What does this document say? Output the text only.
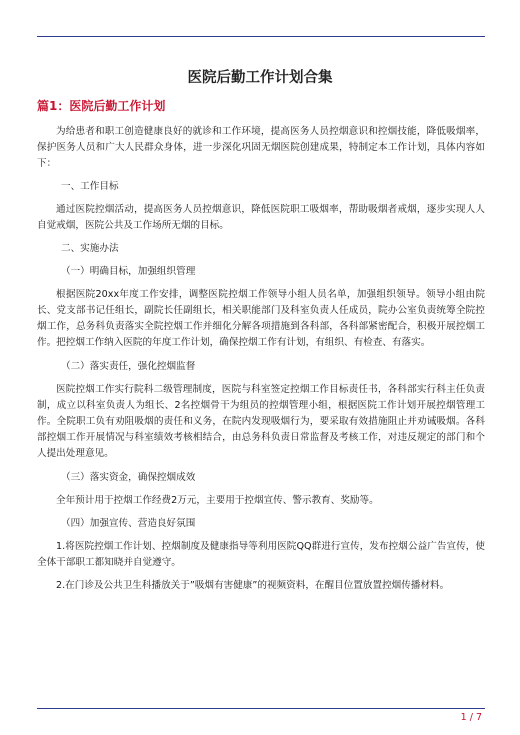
医院后勤工作计划合集
篇1：医院后勤工作计划

为给患者和职工创造健康良好的就诊和工作环境，提高医务人员控烟意识和控烟技能，降低吸烟率，保护医务人员和广大人民群众身体，进一步深化巩固无烟医院创建成果，特制定本工作计划，具体内容如下：

一、工作目标

通过医院控烟活动，提高医务人员控烟意识，降低医院职工吸烟率，帮助吸烟者戒烟，逐步实现人人自觉戒烟，医院公共及工作场所无烟的目标。

二、实施办法

（一）明确目标，加强组织管理

根据医院20xx年度工作安排，调整医院控烟工作领导小组人员名单，加强组织领导。领导小组由院长、党支部书记任组长，副院长任副组长，相关职能部门及科室负责人任成员，院办公室负责统筹全院控烟工作，总务科负责落实全院控烟工作并细化分解各项措施到各科部，各科部紧密配合，积极开展控烟工作。把控烟工作纳入医院的年度工作计划，确保控烟工作有计划，有组织、有检查、有落实。

（二）落实责任，强化控烟监督

医院控烟工作实行院科二级管理制度，医院与科室签定控烟工作目标责任书，各科部实行科主任负责制，成立以科室负责人为组长、2名控烟骨干为组员的控烟管理小组，根据医院工作计划开展控烟管理工作。全院职工负有劝阻吸烟的责任和义务，在院内发现吸烟行为，要采取有效措施阻止并劝诫吸烟。各科部控烟工作开展情况与科室绩效考核相结合，由总务科负责日常监督及考核工作，对违反规定的部门和个人提出处理意见。

（三）落实资金，确保控烟成效

全年预计用于控烟工作经费2万元，主要用于控烟宣传、警示教育、奖励等。

（四）加强宣传、营造良好氛围

1.将医院控烟工作计划、控烟制度及健康指导等利用医院QQ群进行宣传，发布控烟公益广告宣传，使全体干部职工都知晓并自觉遵守。

2.在门诊及公共卫生科播放关于”吸烟有害健康”的视频资料，在醒目位置放置控烟传播材料。

1 / 7
